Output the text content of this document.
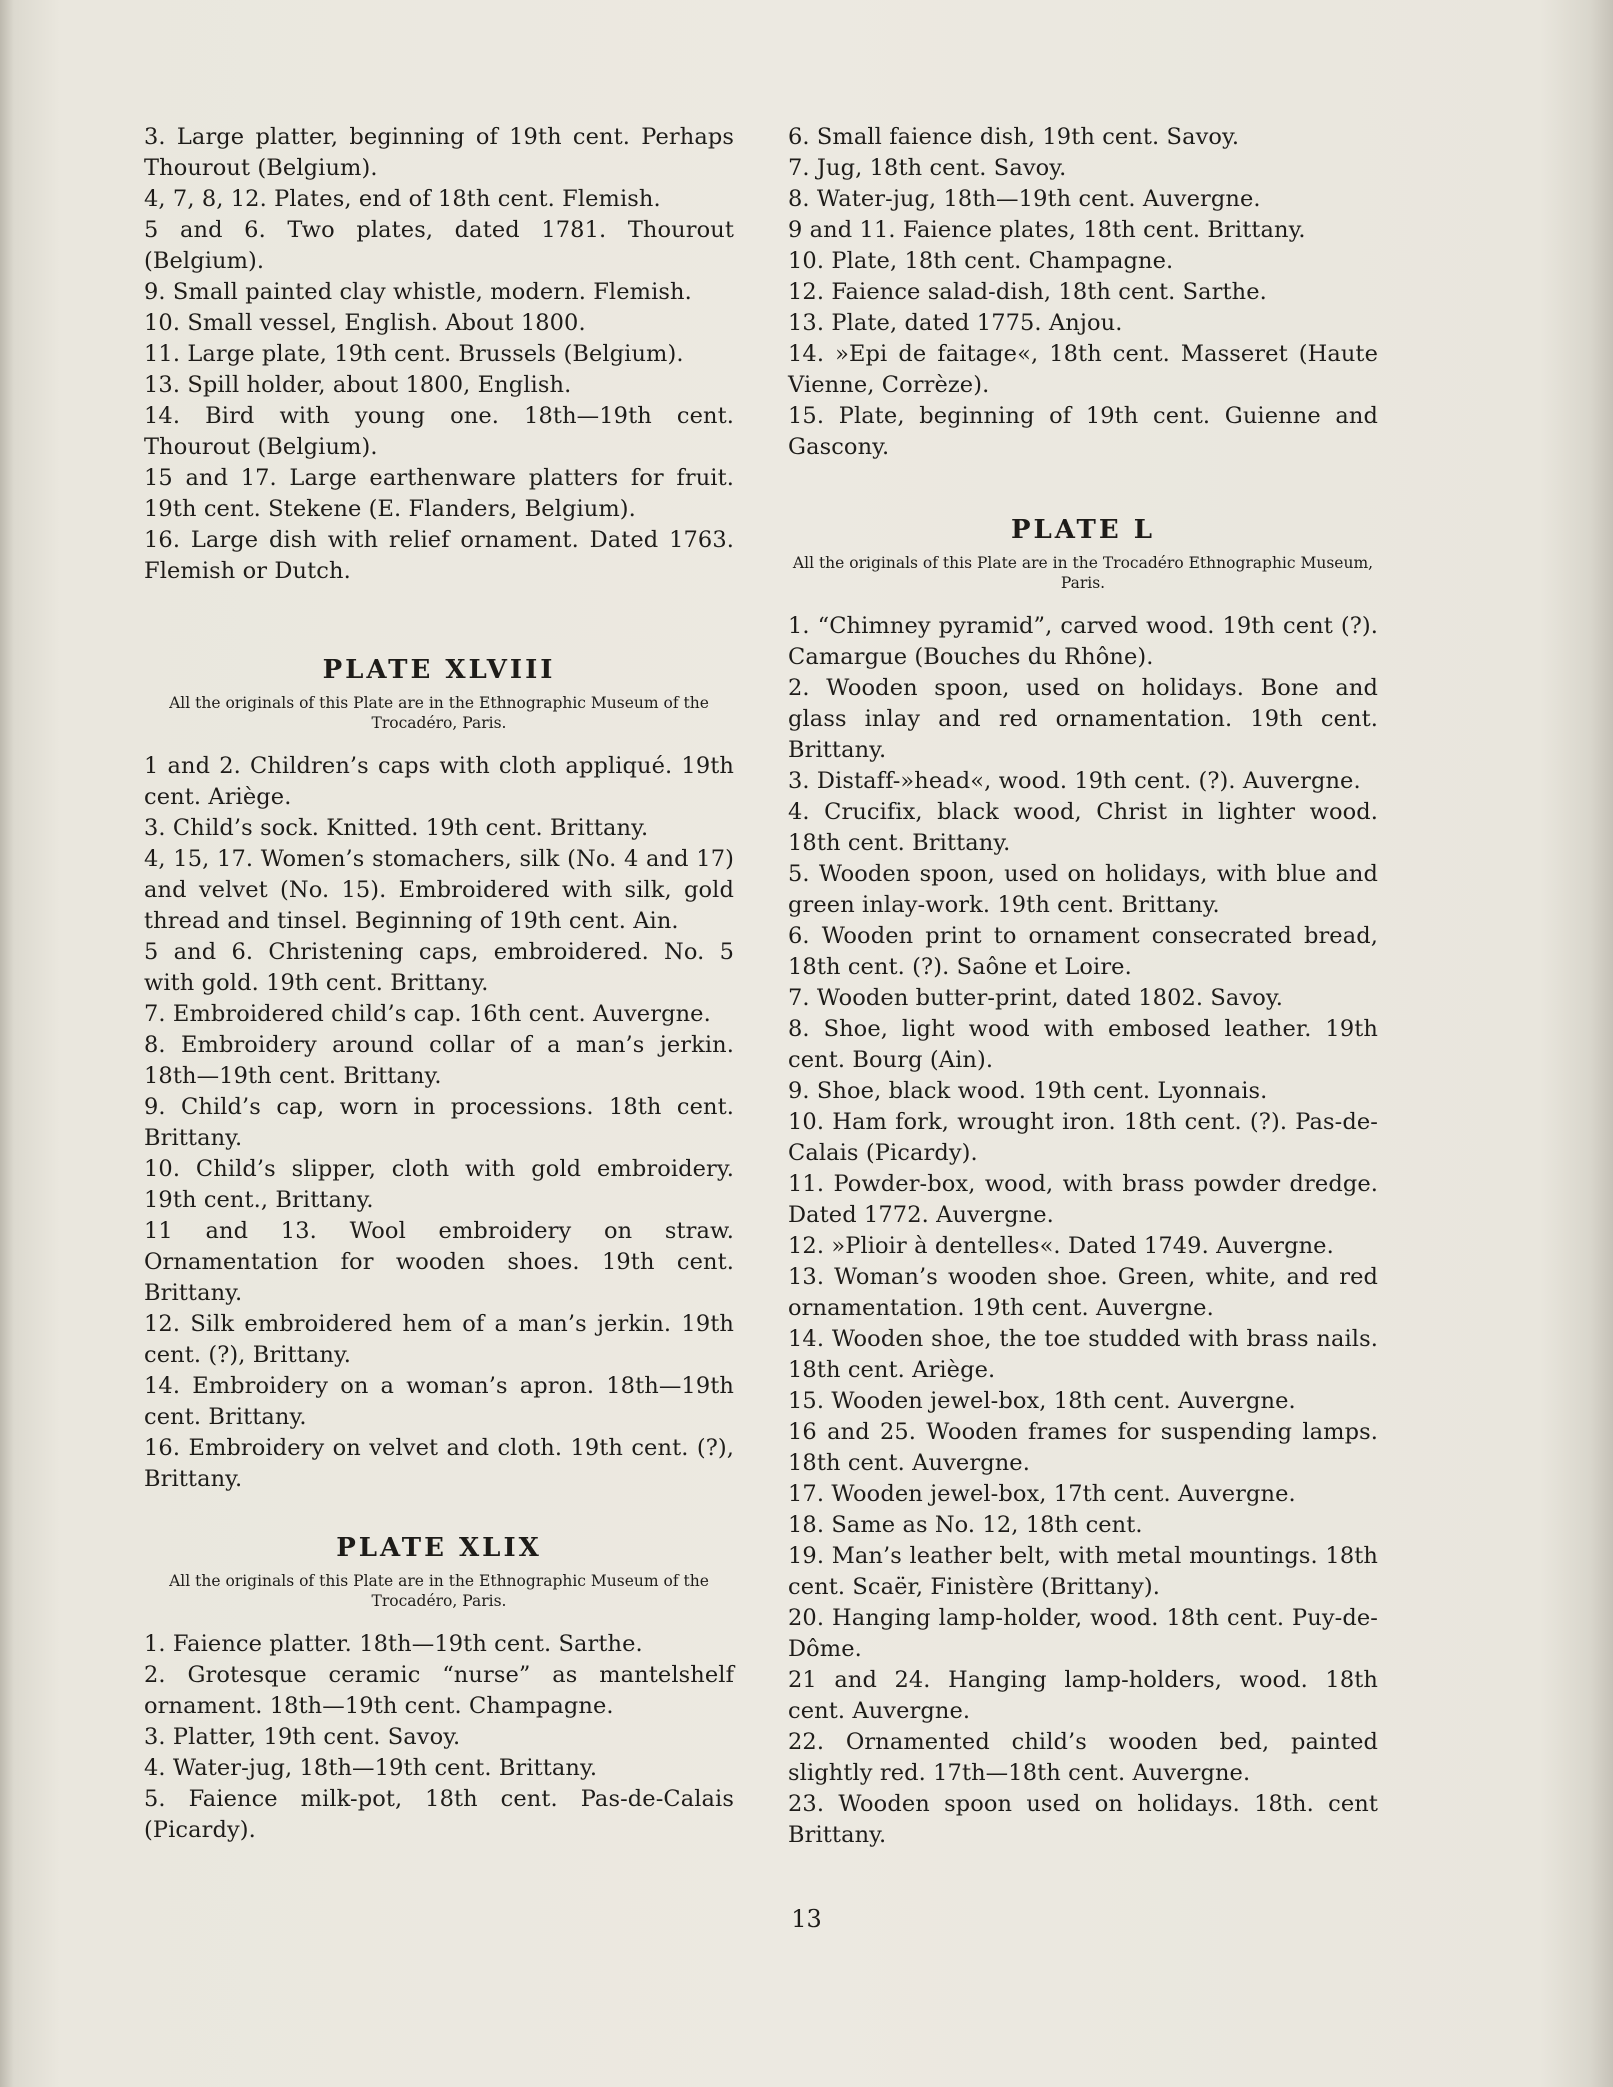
3. Large platter, beginning of 19th cent. Perhaps Thourout (Belgium).

4, 7, 8, 12. Plates, end of 18th cent. Flemish.

5 and 6. Two plates, dated 1781. Thourout (Belgium).

9. Small painted clay whistle, modern. Flemish.

10. Small vessel, English. About 1800.

11. Large plate, 19th cent. Brussels (Belgium).

13. Spill holder, about 1800, English.

14. Bird with young one. 18th—19th cent. Thourout (Belgium).

15 and 17. Large earthenware platters for fruit. 19th cent. Stekene (E. Flanders, Belgium).

16. Large dish with relief ornament. Dated 1763. Flemish or Dutch.

PLATE XLVIII

All the originals of this Plate are in the Ethnographic Museum of the Trocadéro, Paris.

1 and 2. Children’s caps with cloth appliqué. 19th cent. Ariège.

3. Child’s sock. Knitted. 19th cent. Brittany.

4, 15, 17. Women’s stomachers, silk (No. 4 and 17) and velvet (No. 15). Embroidered with silk, gold thread and tinsel. Beginning of 19th cent. Ain.

5 and 6. Christening caps, embroidered. No. 5 with gold. 19th cent. Brittany.

7. Embroidered child’s cap. 16th cent. Auvergne.

8. Embroidery around collar of a man’s jerkin. 18th—19th cent. Brittany.

9. Child’s cap, worn in processions. 18th cent. Brittany.

10. Child’s slipper, cloth with gold embroidery. 19th cent., Brittany.

11 and 13. Wool embroidery on straw. Ornamentation for wooden shoes. 19th cent. Brittany.

12. Silk embroidered hem of a man’s jerkin. 19th cent. (?), Brittany.

14. Embroidery on a woman’s apron. 18th—19th cent. Brittany.

16. Embroidery on velvet and cloth. 19th cent. (?), Brittany.

PLATE XLIX

All the originals of this Plate are in the Ethnographic Museum of the Trocadéro, Paris.

1. Faience platter. 18th—19th cent. Sarthe.

2. Grotesque ceramic “nurse” as mantelshelf ornament. 18th—19th cent. Champagne.

3. Platter, 19th cent. Savoy.

4. Water-jug, 18th—19th cent. Brittany.

5. Faience milk-pot, 18th cent. Pas-de-Calais (Picardy).

6. Small faience dish, 19th cent. Savoy.

7. Jug, 18th cent. Savoy.

8. Water-jug, 18th—19th cent. Auvergne.

9 and 11. Faience plates, 18th cent. Brittany.

10. Plate, 18th cent. Champagne.

12. Faience salad-dish, 18th cent. Sarthe.

13. Plate, dated 1775. Anjou.

14. »Epi de faitage«, 18th cent. Masseret (Haute Vienne, Corrèze).

15. Plate, beginning of 19th cent. Guienne and Gascony.

PLATE L

All the originals of this Plate are in the Trocadéro Ethnographic Museum, Paris.

1. “Chimney pyramid”, carved wood. 19th cent (?). Camargue (Bouches du Rhône).

2. Wooden spoon, used on holidays. Bone and glass inlay and red ornamentation. 19th cent. Brittany.

3. Distaff-»head«, wood. 19th cent. (?). Auvergne.

4. Crucifix, black wood, Christ in lighter wood. 18th cent. Brittany.

5. Wooden spoon, used on holidays, with blue and green inlay-work. 19th cent. Brittany.

6. Wooden print to ornament consecrated bread, 18th cent. (?). Saône et Loire.

7. Wooden butter-print, dated 1802. Savoy.

8. Shoe, light wood with embosed leather. 19th cent. Bourg (Ain).

9. Shoe, black wood. 19th cent. Lyonnais.

10. Ham fork, wrought iron. 18th cent. (?). Pas-de-Calais (Picardy).

11. Powder-box, wood, with brass powder dredge. Dated 1772. Auvergne.

12. »Plioir à dentelles«. Dated 1749. Auvergne.

13. Woman’s wooden shoe. Green, white, and red ornamentation. 19th cent. Auvergne.

14. Wooden shoe, the toe studded with brass nails. 18th cent. Ariège.

15. Wooden jewel-box, 18th cent. Auvergne.

16 and 25. Wooden frames for suspending lamps. 18th cent. Auvergne.

17. Wooden jewel-box, 17th cent. Auvergne.

18. Same as No. 12, 18th cent.

19. Man’s leather belt, with metal mountings. 18th cent. Scaër, Finistère (Brittany).

20. Hanging lamp-holder, wood. 18th cent. Puy-de-Dôme.

21 and 24. Hanging lamp-holders, wood. 18th cent. Auvergne.

22. Ornamented child’s wooden bed, painted slightly red. 17th—18th cent. Auvergne.

23. Wooden spoon used on holidays. 18th. cent Brittany.

13
